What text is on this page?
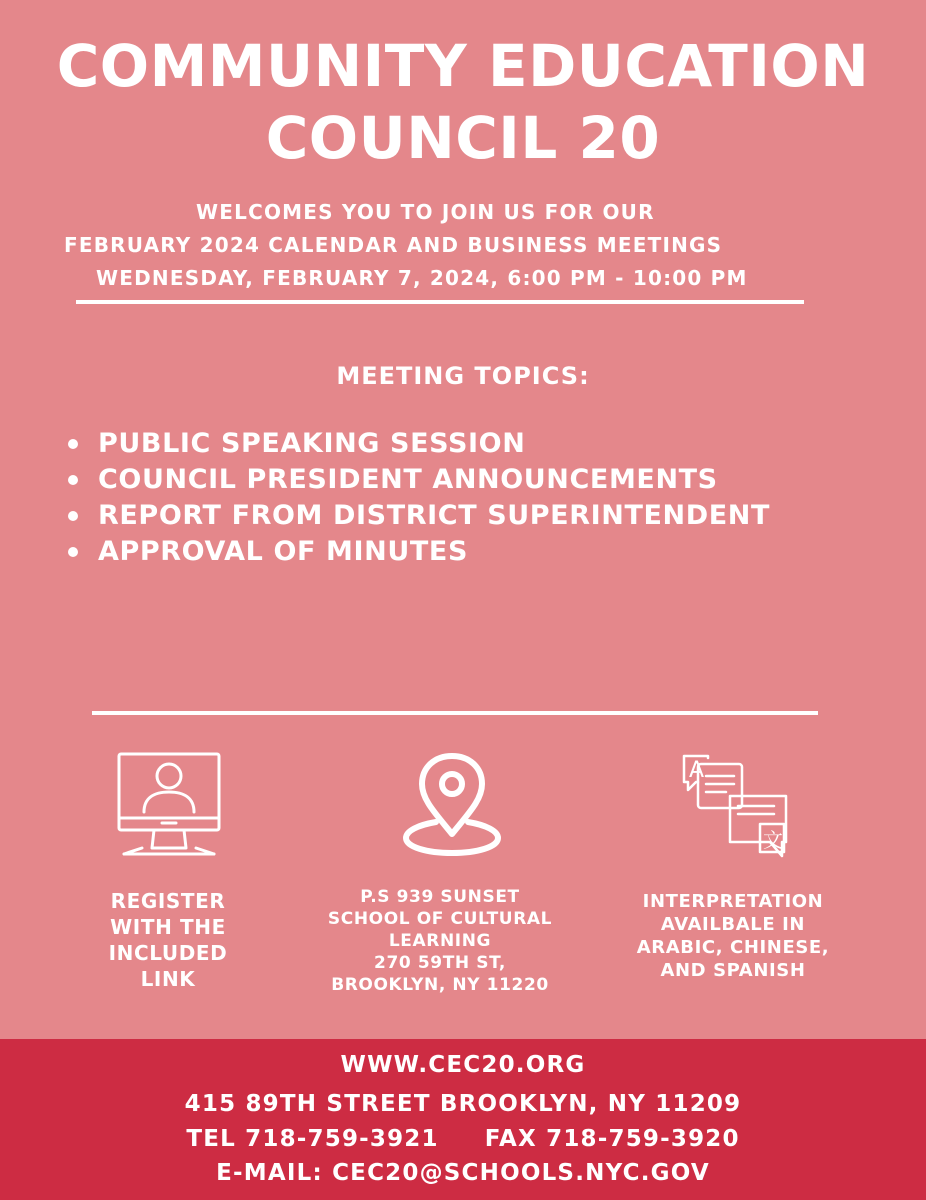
COMMUNITY EDUCATION
COUNCIL 20
WELCOMES YOU TO JOIN US FOR OUR
FEBRUARY 2024 CALENDAR AND BUSINESS MEETINGS
WEDNESDAY, FEBRUARY 7, 2024, 6:00 PM - 10:00 PM
MEETING TOPICS:
PUBLIC SPEAKING SESSION
COUNCIL PRESIDENT ANNOUNCEMENTS
REPORT FROM DISTRICT SUPERINTENDENT
APPROVAL OF MINUTES
A
文
REGISTER
WITH THE
INCLUDED
LINK
P.S 939 SUNSET
SCHOOL OF CULTURAL
LEARNING
270 59TH ST,
BROOKLYN, NY 11220
INTERPRETATION
AVAILBALE IN
ARABIC, CHINESE,
AND SPANISH
WWW.CEC20.ORG
415 89TH STREET BROOKLYN, NY 11209
TEL 718-759-3921     FAX 718-759-3920
E-MAIL: CEC20@SCHOOLS.NYC.GOV
